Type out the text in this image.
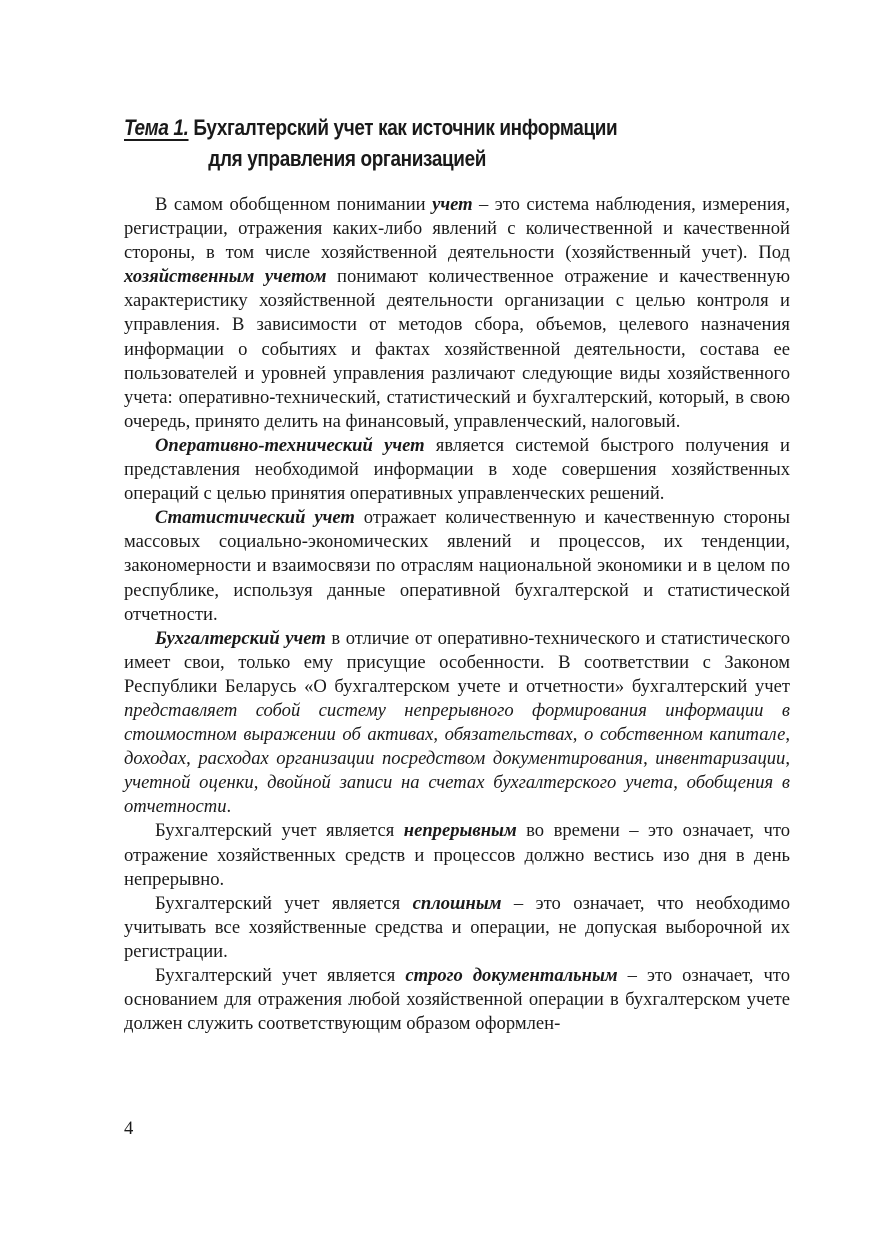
Тема 1. Бухгалтерский учет как источник информации
для управления организацией

В самом обобщенном понимании учет – это система наблюдения, измерения, регистрации, отражения каких-либо явлений с количественной и качественной стороны, в том числе хозяйственной деятельности (хозяйственный учет). Под хозяйственным учетом понимают количественное отражение и качественную характеристику хозяйственной деятельности организации с целью контроля и управления. В зависимости от методов сбора, объемов, целевого назначения информации о событиях и фактах хозяйственной деятельности, состава ее пользователей и уровней управления различают следующие виды хозяйственного учета: оперативно-технический, статистический и бухгалтерский, который, в свою очередь, принято делить на финансовый, управленческий, налоговый.

Оперативно-технический учет является системой быстрого получения и представления необходимой информации в ходе совершения хозяйственных операций с целью принятия оперативных управленческих решений.

Статистический учет отражает количественную и качественную стороны массовых социально-экономических явлений и процессов, их тенденции, закономерности и взаимосвязи по отраслям национальной экономики и в целом по республике, используя данные оперативной бухгалтерской и статистической отчетности.

Бухгалтерский учет в отличие от оперативно-технического и статистического имеет свои, только ему присущие особенности. В соответствии с Законом Республики Беларусь «О бухгалтерском учете и отчетности» бухгалтерский учет представляет собой систему непрерывного формирования информации в стоимостном выражении об активах, обязательствах, о собственном капитале, доходах, расходах организации посредством документирования, инвентаризации, учетной оценки, двойной записи на счетах бухгалтерского учета, обобщения в отчетности.

Бухгалтерский учет является непрерывным во времени – это означает, что отражение хозяйственных средств и процессов должно вестись изо дня в день непрерывно.

Бухгалтерский учет является сплошным – это означает, что необходимо учитывать все хозяйственные средства и операции, не допуская выборочной их регистрации.

Бухгалтерский учет является строго документальным – это означает, что основанием для отражения любой хозяйственной операции в бухгалтерском учете должен служить соответствующим образом оформлен-

4
